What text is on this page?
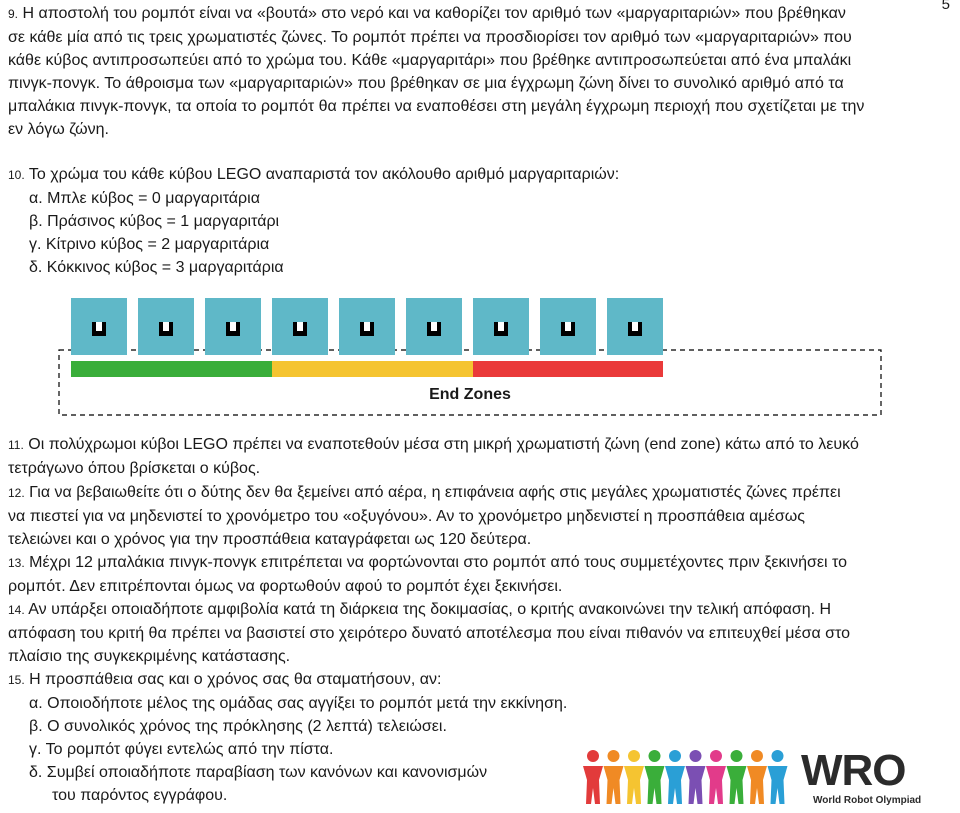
5

9. Η αποστολή του ρομπότ είναι να «βουτά» στο νερό και να καθορίζει τον αριθμό των «μαργαριταριών» που βρέθηκαν

σε κάθε μία από τις τρεις χρωματιστές ζώνες. Το ρομπότ πρέπει να προσδιορίσει τον αριθμό των «μαργαριταριών» που

κάθε κύβος αντιπροσωπεύει από το χρώμα του. Κάθε «μαργαριτάρι» που βρέθηκε αντιπροσωπεύεται από ένα μπαλάκι

πινγκ-πονγκ. Το άθροισμα των «μαργαριταριών» που βρέθηκαν σε μια έγχρωμη ζώνη δίνει το συνολικό αριθμό από τα

μπαλάκια πινγκ-πονγκ, τα οποία το ρομπότ θα πρέπει να εναποθέσει στη μεγάλη έγχρωμη περιοχή που σχετίζεται με την

εν λόγω ζώνη.

10. Το χρώμα του κάθε κύβου LEGO αναπαριστά τον ακόλουθο αριθμό μαργαριταριών:

α. Μπλε κύβος = 0 μαργαριτάρια

β. Πράσινος κύβος = 1 μαργαριτάρι

γ. Κίτρινο κύβος = 2 μαργαριτάρια

δ. Κόκκινος κύβος = 3 μαργαριτάρια

End Zones

11. Οι πολύχρωμοι κύβοι LEGO πρέπει να εναποτεθούν μέσα στη μικρή χρωματιστή ζώνη (end zone) κάτω από το λευκό

τετράγωνο όπου βρίσκεται ο κύβος.

12. Για να βεβαιωθείτε ότι ο δύτης δεν θα ξεμείνει από αέρα, η επιφάνεια αφής στις μεγάλες χρωματιστές ζώνες πρέπει

να πιεστεί για να μηδενιστεί το χρονόμετρο του «οξυγόνου». Αν το χρονόμετρο μηδενιστεί η προσπάθεια αμέσως

τελειώνει και ο χρόνος για την προσπάθεια καταγράφεται ως 120 δεύτερα.

13. Μέχρι 12 μπαλάκια πινγκ-πονγκ επιτρέπεται να φορτώνονται στο ρομπότ από τους συμμετέχοντες πριν ξεκινήσει το

ρομπότ. Δεν επιτρέπονται όμως να φορτωθούν αφού το ρομπότ έχει ξεκινήσει.

14. Αν υπάρξει οποιαδήποτε αμφιβολία κατά τη διάρκεια της δοκιμασίας, ο κριτής ανακοινώνει την τελική απόφαση. Η

απόφαση του κριτή θα πρέπει να βασιστεί στο χειρότερο δυνατό αποτέλεσμα που είναι πιθανόν να επιτευχθεί μέσα στο

πλαίσιο της συγκεκριμένης κατάστασης.

15. Η προσπάθεια σας και ο χρόνος σας θα σταματήσουν, αν:

α. Οποιοδήποτε μέλος της ομάδας σας αγγίξει το ρομπότ μετά την εκκίνηση.

β. Ο συνολικός χρόνος της πρόκλησης (2 λεπτά) τελειώσει.

γ. Το ρομπότ φύγει εντελώς από την πίστα.

δ. Συμβεί οποιαδήποτε παραβίαση των κανόνων και κανονισμών

του παρόντος εγγράφου.

WRO
World Robot Olympiad
